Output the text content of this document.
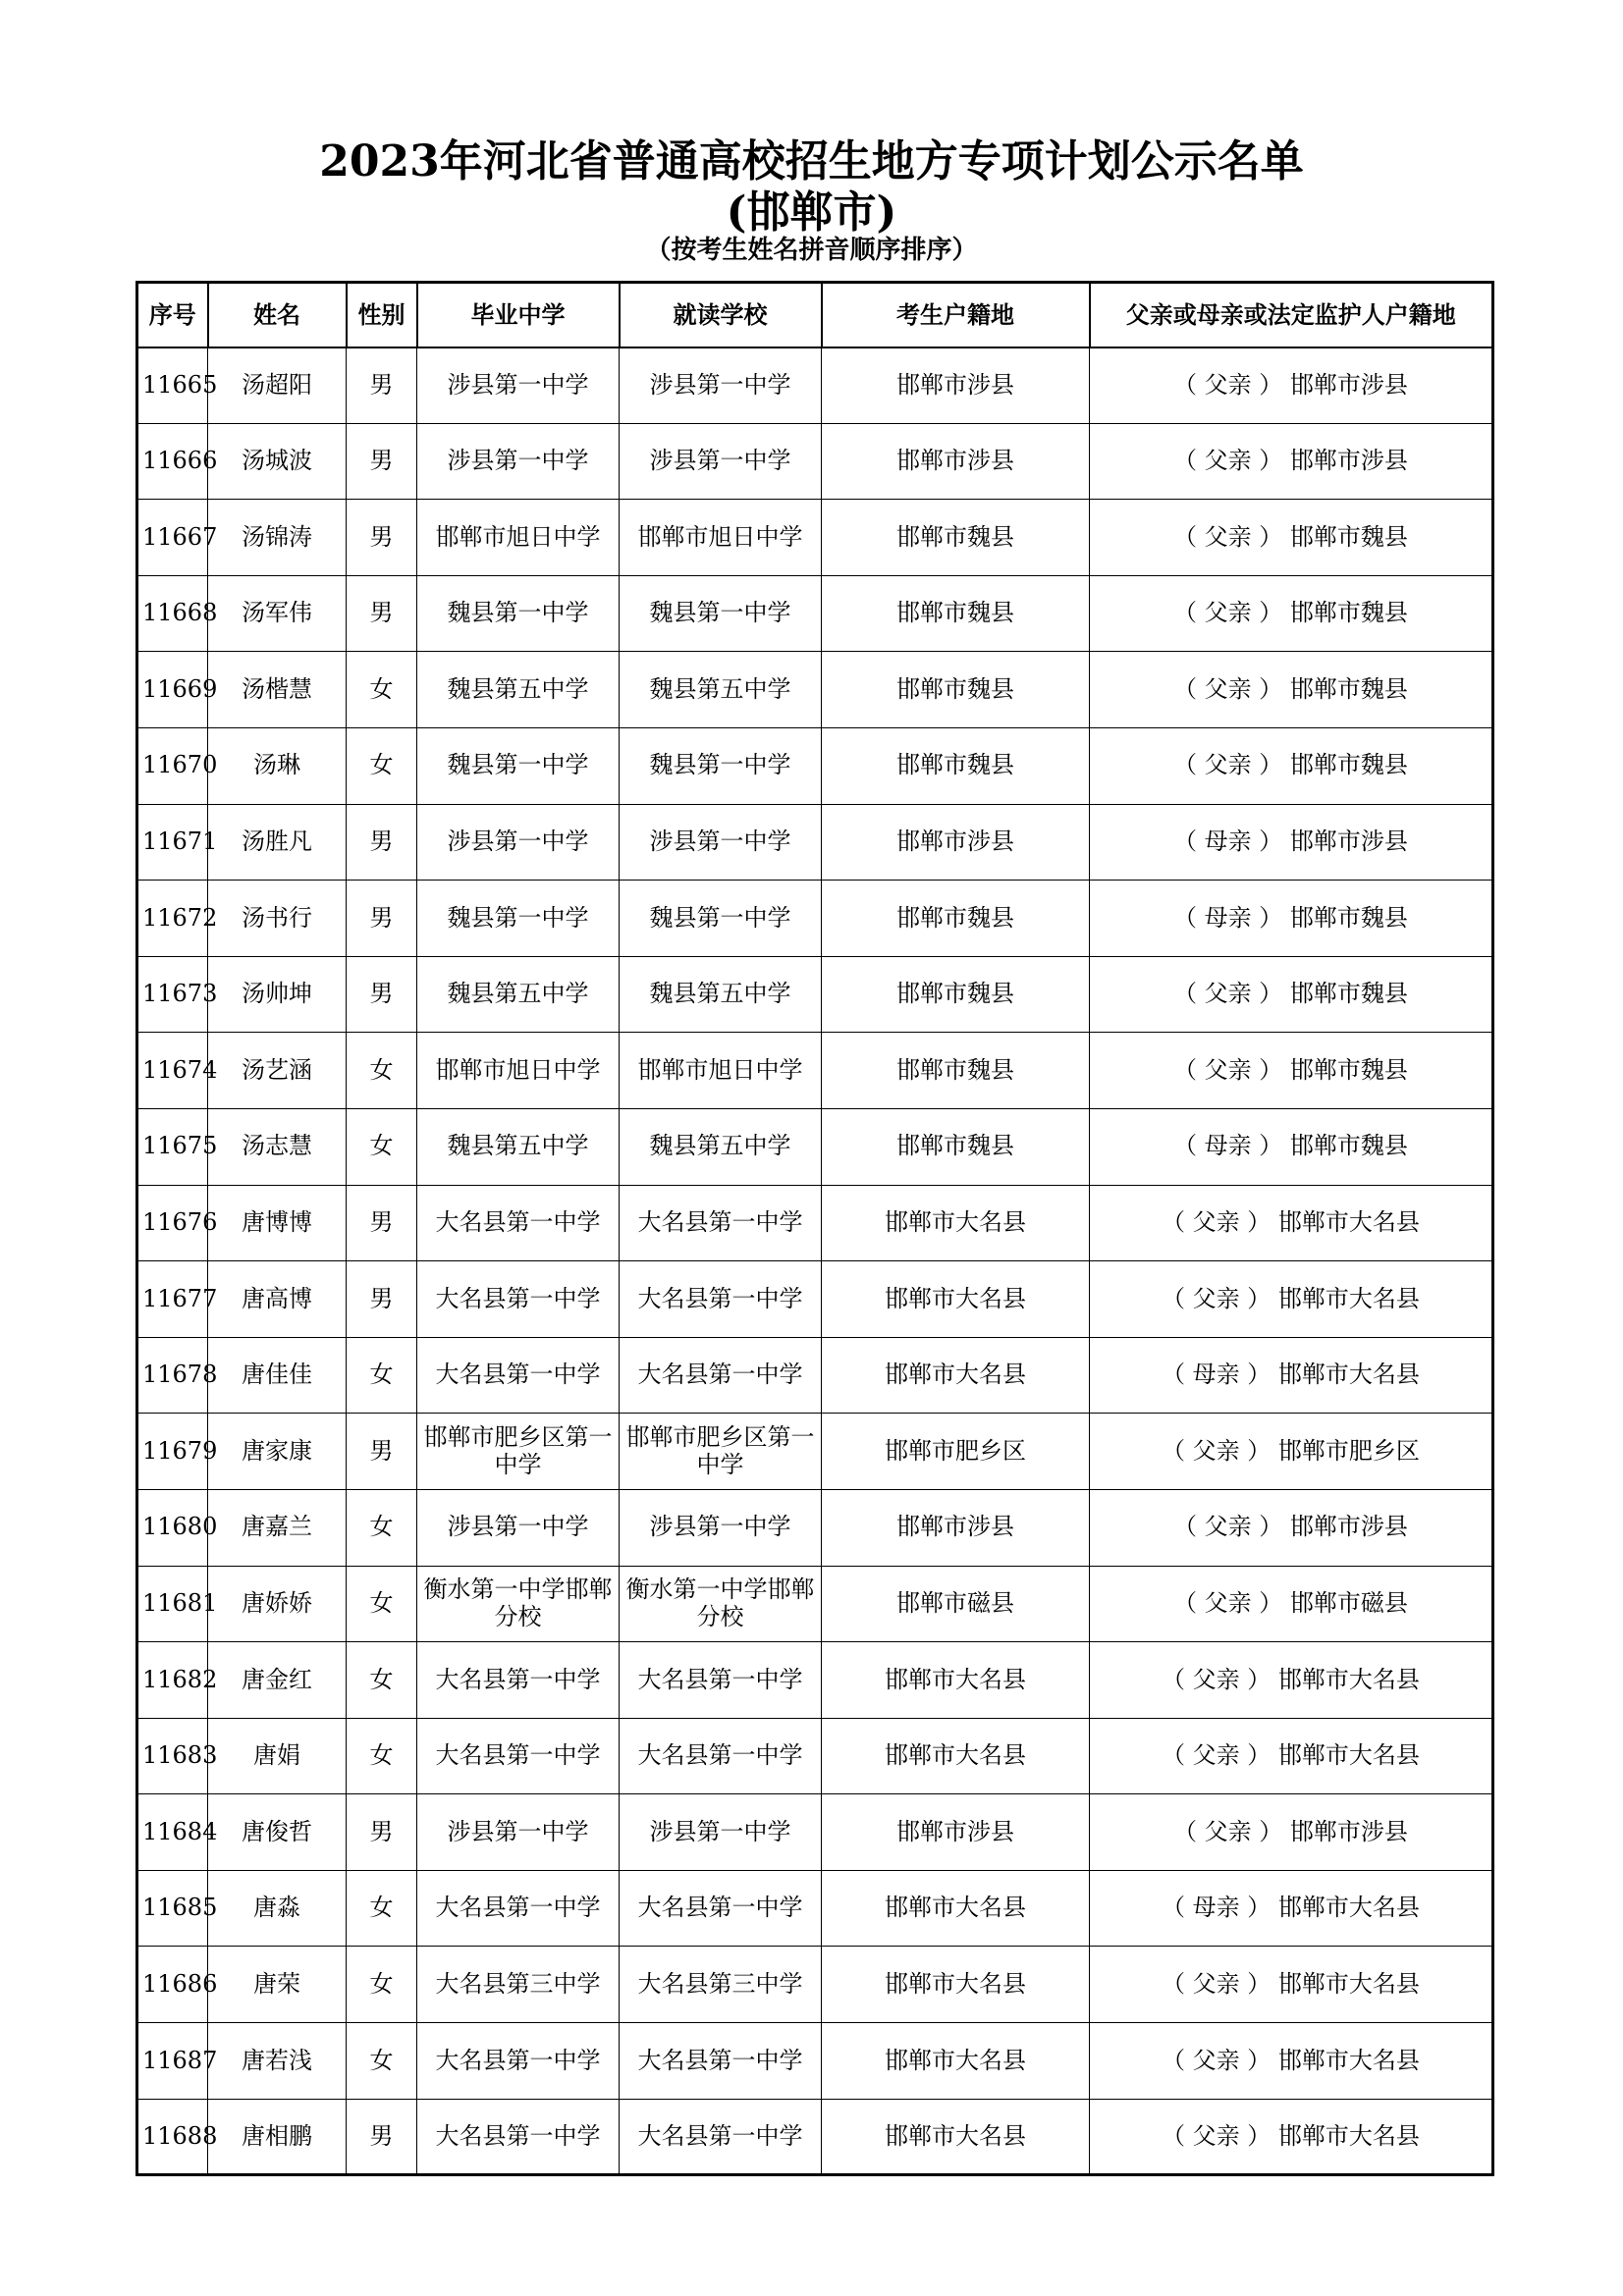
2023年河北省普通高校招生地方专项计划公示名单
(邯郸市)
（按考生姓名拼音顺序排序）
序号	姓名	性别	毕业中学	就读学校	考生户籍地	父亲或母亲或法定监护人户籍地
11665	汤超阳	男	涉县第一中学	涉县第一中学	邯郸市涉县	（ 父亲 ） 邯郸市涉县
11666	汤城波	男	涉县第一中学	涉县第一中学	邯郸市涉县	（ 父亲 ） 邯郸市涉县
11667	汤锦涛	男	邯郸市旭日中学	邯郸市旭日中学	邯郸市魏县	（ 父亲 ） 邯郸市魏县
11668	汤军伟	男	魏县第一中学	魏县第一中学	邯郸市魏县	（ 父亲 ） 邯郸市魏县
11669	汤楷慧	女	魏县第五中学	魏县第五中学	邯郸市魏县	（ 父亲 ） 邯郸市魏县
11670	汤琳	女	魏县第一中学	魏县第一中学	邯郸市魏县	（ 父亲 ） 邯郸市魏县
11671	汤胜凡	男	涉县第一中学	涉县第一中学	邯郸市涉县	（ 母亲 ） 邯郸市涉县
11672	汤书行	男	魏县第一中学	魏县第一中学	邯郸市魏县	（ 母亲 ） 邯郸市魏县
11673	汤帅坤	男	魏县第五中学	魏县第五中学	邯郸市魏县	（ 父亲 ） 邯郸市魏县
11674	汤艺涵	女	邯郸市旭日中学	邯郸市旭日中学	邯郸市魏县	（ 父亲 ） 邯郸市魏县
11675	汤志慧	女	魏县第五中学	魏县第五中学	邯郸市魏县	（ 母亲 ） 邯郸市魏县
11676	唐博博	男	大名县第一中学	大名县第一中学	邯郸市大名县	（ 父亲 ） 邯郸市大名县
11677	唐高博	男	大名县第一中学	大名县第一中学	邯郸市大名县	（ 父亲 ） 邯郸市大名县
11678	唐佳佳	女	大名县第一中学	大名县第一中学	邯郸市大名县	（ 母亲 ） 邯郸市大名县
11679	唐家康	男	邯郸市肥乡区第一中学	邯郸市肥乡区第一中学	邯郸市肥乡区	（ 父亲 ） 邯郸市肥乡区
11680	唐嘉兰	女	涉县第一中学	涉县第一中学	邯郸市涉县	（ 父亲 ） 邯郸市涉县
11681	唐娇娇	女	衡水第一中学邯郸分校	衡水第一中学邯郸分校	邯郸市磁县	（ 父亲 ） 邯郸市磁县
11682	唐金红	女	大名县第一中学	大名县第一中学	邯郸市大名县	（ 父亲 ） 邯郸市大名县
11683	唐娟	女	大名县第一中学	大名县第一中学	邯郸市大名县	（ 父亲 ） 邯郸市大名县
11684	唐俊哲	男	涉县第一中学	涉县第一中学	邯郸市涉县	（ 父亲 ） 邯郸市涉县
11685	唐淼	女	大名县第一中学	大名县第一中学	邯郸市大名县	（ 母亲 ） 邯郸市大名县
11686	唐荣	女	大名县第三中学	大名县第三中学	邯郸市大名县	（ 父亲 ） 邯郸市大名县
11687	唐若浅	女	大名县第一中学	大名县第一中学	邯郸市大名县	（ 父亲 ） 邯郸市大名县
11688	唐相鹏	男	大名县第一中学	大名县第一中学	邯郸市大名县	（ 父亲 ） 邯郸市大名县
